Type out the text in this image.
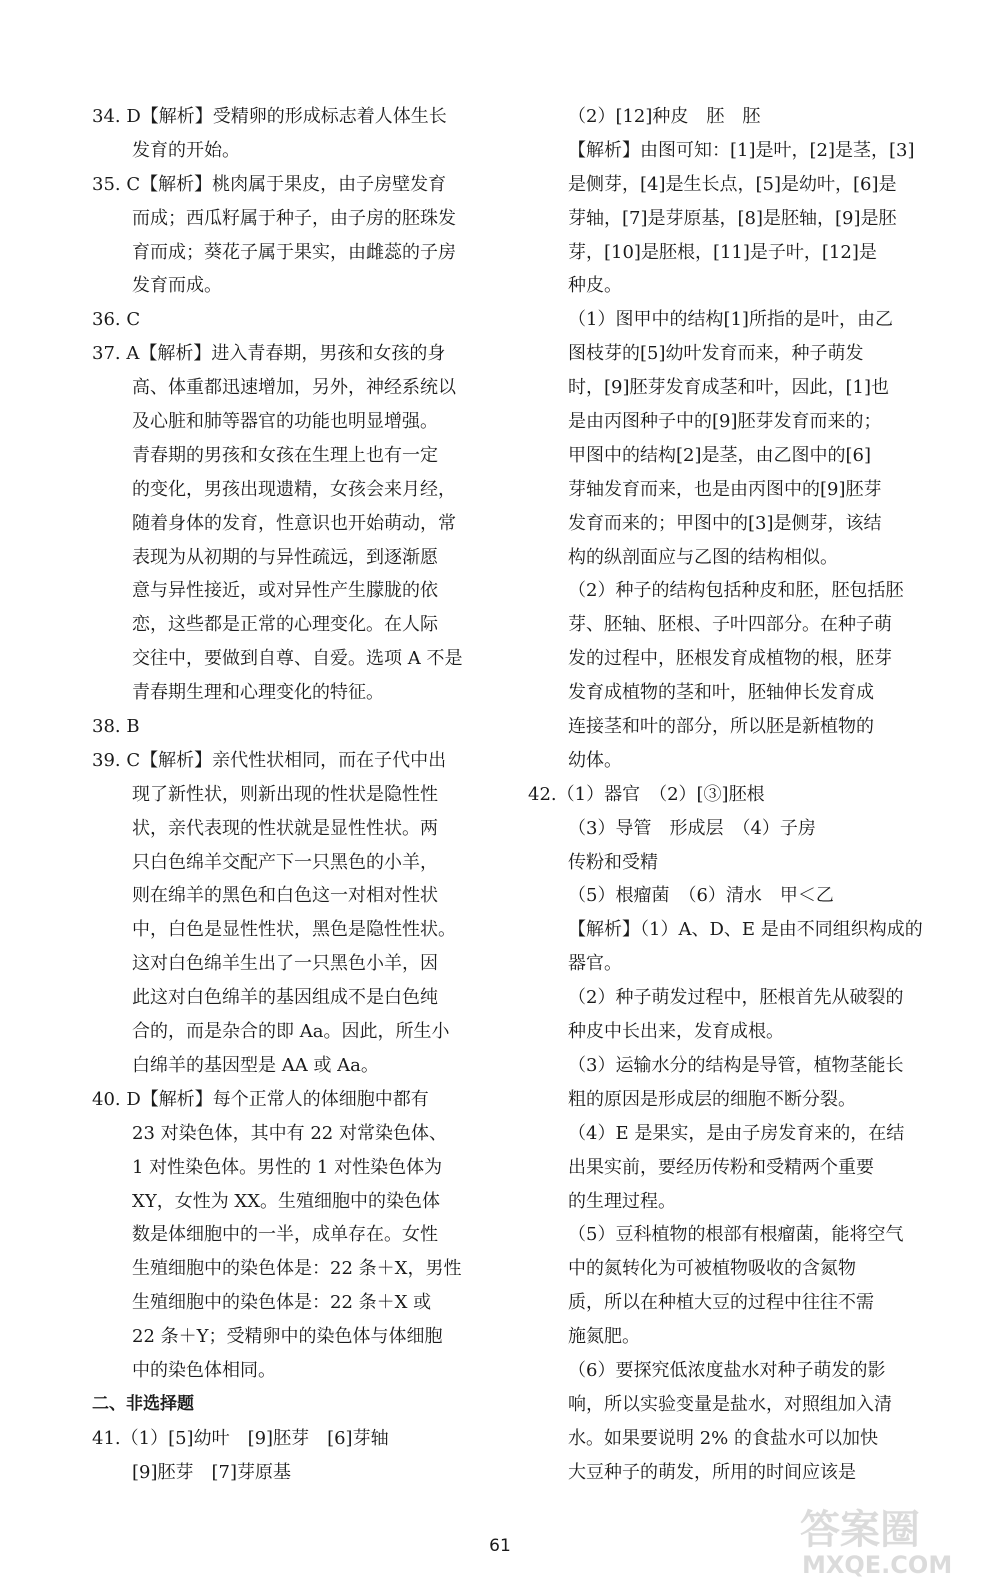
34. D【解析】受精卵的形成标志着人体生长
发育的开始。
35. C【解析】桃肉属于果皮，由子房壁发育
而成；西瓜籽属于种子，由子房的胚珠发
育而成；葵花子属于果实，由雌蕊的子房
发育而成。
36. C
37. A【解析】进入青春期，男孩和女孩的身
高、体重都迅速增加，另外，神经系统以
及心脏和肺等器官的功能也明显增强。
青春期的男孩和女孩在生理上也有一定
的变化，男孩出现遗精，女孩会来月经，
随着身体的发育，性意识也开始萌动，常
表现为从初期的与异性疏远，到逐渐愿
意与异性接近，或对异性产生朦胧的依
恋，这些都是正常的心理变化。在人际
交往中，要做到自尊、自爱。选项 A 不是
青春期生理和心理变化的特征。
38. B
39. C【解析】亲代性状相同，而在子代中出
现了新性状，则新出现的性状是隐性性
状，亲代表现的性状就是显性性状。两
只白色绵羊交配产下一只黑色的小羊，
则在绵羊的黑色和白色这一对相对性状
中，白色是显性性状，黑色是隐性性状。
这对白色绵羊生出了一只黑色小羊，因
此这对白色绵羊的基因组成不是白色纯
合的，而是杂合的即 Aa。因此，所生小
白绵羊的基因型是 AA 或 Aa。
40. D【解析】每个正常人的体细胞中都有
23 对染色体，其中有 22 对常染色体、
1 对性染色体。男性的 1 对性染色体为
XY，女性为 XX。生殖细胞中的染色体
数是体细胞中的一半，成单存在。女性
生殖细胞中的染色体是：22 条＋X，男性
生殖细胞中的染色体是：22 条＋X 或
22 条＋Y；受精卵中的染色体与体细胞
中的染色体相同。
二、非选择题
41.（1）[5]幼叶　[9]胚芽　[6]芽轴
[9]胚芽　[7]芽原基
（2）[12]种皮　胚　胚
【解析】由图可知：[1]是叶，[2]是茎，[3]
是侧芽，[4]是生长点，[5]是幼叶，[6]是
芽轴，[7]是芽原基，[8]是胚轴，[9]是胚
芽，[10]是胚根，[11]是子叶，[12]是
种皮。
（1）图甲中的结构[1]所指的是叶，由乙
图枝芽的[5]幼叶发育而来，种子萌发
时，[9]胚芽发育成茎和叶，因此，[1]也
是由丙图种子中的[9]胚芽发育而来的；
甲图中的结构[2]是茎，由乙图中的[6]
芽轴发育而来，也是由丙图中的[9]胚芽
发育而来的；甲图中的[3]是侧芽，该结
构的纵剖面应与乙图的结构相似。
（2）种子的结构包括种皮和胚，胚包括胚
芽、胚轴、胚根、子叶四部分。在种子萌
发的过程中，胚根发育成植物的根，胚芽
发育成植物的茎和叶，胚轴伸长发育成
连接茎和叶的部分，所以胚是新植物的
幼体。
42.（1）器官　（2）[③]胚根
（3）导管　形成层　（4）子房
传粉和受精
（5）根瘤菌　（6）清水　甲＜乙
【解析】（1）A、D、E 是由不同组织构成的
器官。
（2）种子萌发过程中，胚根首先从破裂的
种皮中长出来，发育成根。
（3）运输水分的结构是导管，植物茎能长
粗的原因是形成层的细胞不断分裂。
（4）E 是果实，是由子房发育来的，在结
出果实前，要经历传粉和受精两个重要
的生理过程。
（5）豆科植物的根部有根瘤菌，能将空气
中的氮转化为可被植物吸收的含氮物
质，所以在种植大豆的过程中往往不需
施氮肥。
（6）要探究低浓度盐水对种子萌发的影
响，所以实验变量是盐水，对照组加入清
水。如果要说明 2% 的食盐水可以加快
大豆种子的萌发，所用的时间应该是
61	答案圈
MXQE.COM
